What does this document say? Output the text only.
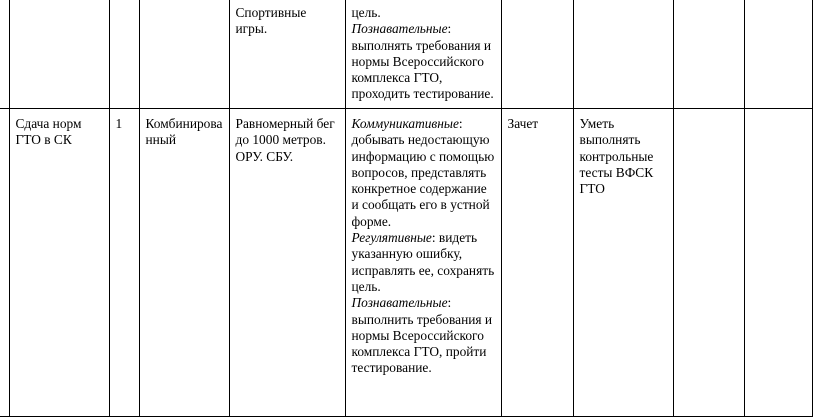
				Спортивные игры.	цель.
Познавательные: выполнять требования и нормы Всероссийского комплекса ГТО, проходить тестирование.	

	Сдача норм ГТО в СК	1	Комбинированный	Равномерный бег до 1000 метров. ОРУ. СБУ.	Коммуникативные: добывать недостающую информацию с помощью вопросов, представлять конкретное содержание и сообщать его в устной форме.
Регулятивные: видеть указанную ошибку, исправлять ее, сохранять цель.
Познавательные: выполнить требования и нормы Всероссийского комплекса ГТО, пройти тестирование.	Зачет	Уметь выполнять контрольные тесты ВФСК ГТО		
